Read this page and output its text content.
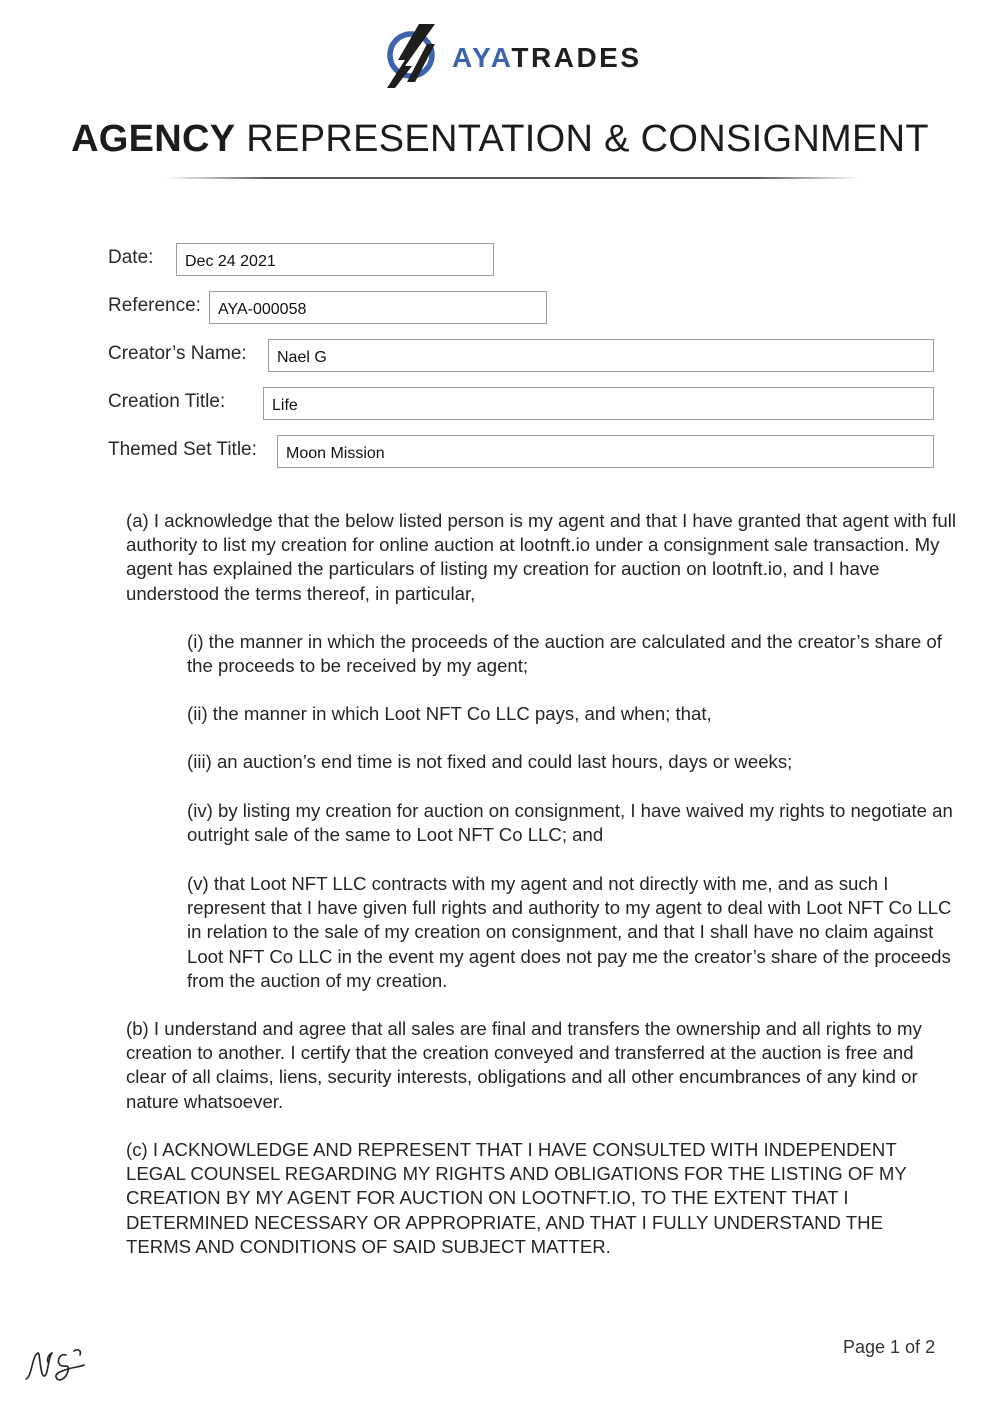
AYATRADES
AGENCY REPRESENTATION & CONSIGNMENT
Date:	Dec 24 2021
Reference:	AYA-000058
Creator’s Name:	Nael G
Creation Title:	Life
Themed Set Title:	Moon Mission
(a) I acknowledge that the below listed person is my agent and that I have granted that agent with full authority to list my creation for online auction at lootnft.io under a consignment sale transaction. My agent has explained the particulars of listing my creation for auction on lootnft.io, and I have understood the terms thereof, in particular,
(i) the manner in which the proceeds of the auction are calculated and the creator’s share of the proceeds to be received by my agent;
(ii) the manner in which Loot NFT Co LLC pays, and when; that,
(iii) an auction’s end time is not fixed and could last hours, days or weeks;
(iv) by listing my creation for auction on consignment, I have waived my rights to negotiate an outright sale of the same to Loot NFT Co LLC; and
(v) that Loot NFT LLC contracts with my agent and not directly with me, and as such I represent that I have given full rights and authority to my agent to deal with Loot NFT Co LLC in relation to the sale of my creation on consignment, and that I shall have no claim against Loot NFT Co LLC in the event my agent does not pay me the creator’s share of the proceeds from the auction of my creation.
(b) I understand and agree that all sales are final and transfers the ownership and all rights to my creation to another. I certify that the creation conveyed and transferred at the auction is free and clear of all claims, liens, security interests, obligations and all other encumbrances of any kind or nature whatsoever.
(c) I ACKNOWLEDGE AND REPRESENT THAT I HAVE CONSULTED WITH INDEPENDENT LEGAL COUNSEL REGARDING MY RIGHTS AND OBLIGATIONS FOR THE LISTING OF MY CREATION BY MY AGENT FOR AUCTION ON LOOTNFT.IO, TO THE EXTENT THAT I DETERMINED NECESSARY OR APPROPRIATE, AND THAT I FULLY UNDERSTAND THE TERMS AND CONDITIONS OF SAID SUBJECT MATTER.
Page 1 of 2
